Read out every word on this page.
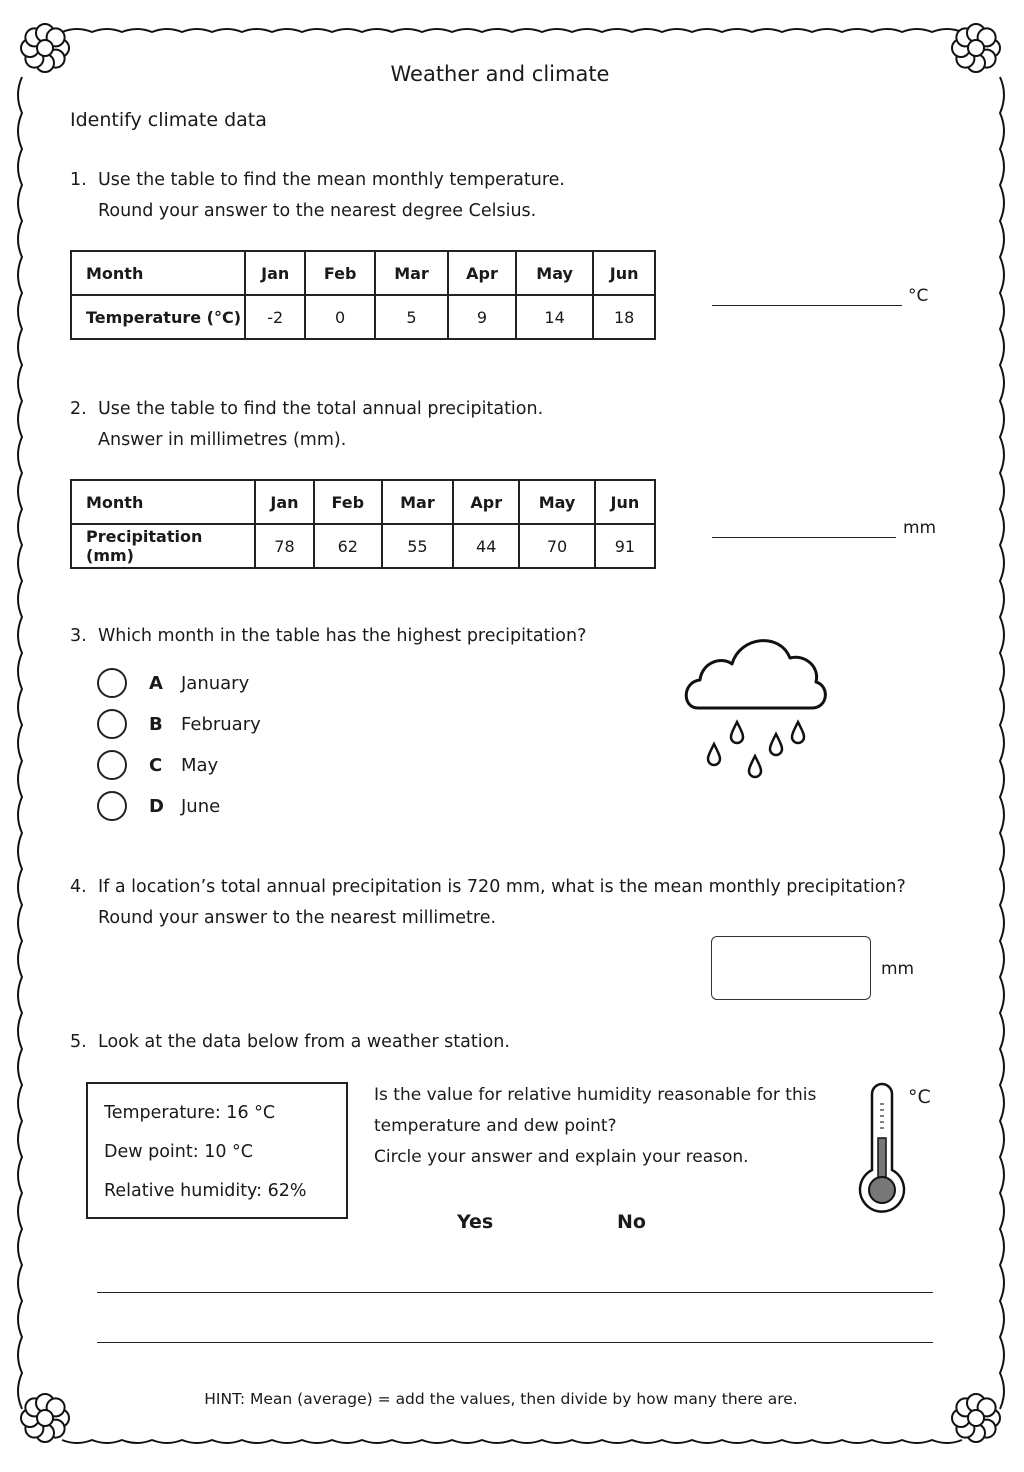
Weather and climate
Identify climate data
1. Use the table to find the mean monthly temperature.
Round your answer to the nearest degree Celsius.
Month	Jan	Feb	Mar	Apr	May	Jun
Temperature (°C)	-2	0	5	9	14	18
°C
2. Use the table to find the total annual precipitation.
Answer in millimetres (mm).
Month	Jan	Feb	Mar	Apr	May	Jun
Precipitation (mm)	78	62	55	44	70	91
mm
3. Which month in the table has the highest precipitation?
A	January
B	February
C	May
D June
4. If a location’s total annual precipitation is 720 mm, what is the mean monthly precipitation?
Round your answer to the nearest millimetre.
mm
5. Look at the data below from a weather station.
Temperature: 16 °C
Dew point: 10 °C
Relative humidity: 62%
Is the value for relative humidity reasonable for this
temperature and dew point?
Circle your answer and explain your reason.
Yes	No
°C
HINT: Mean (average) = add the values, then divide by how many there are.
